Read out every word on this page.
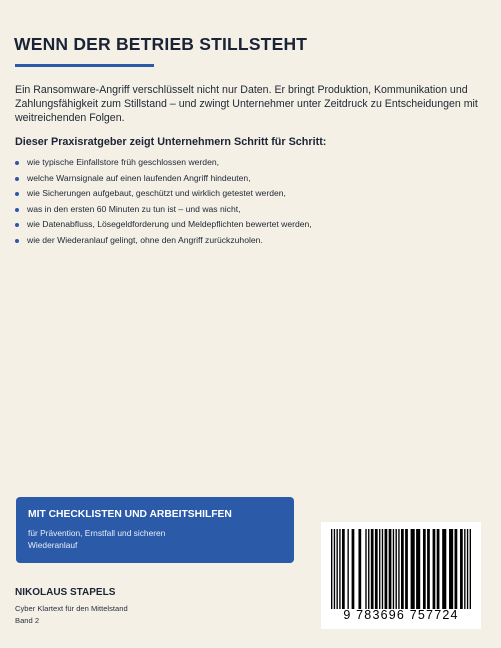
WENN DER BETRIEB STILLSTEHT

Ein Ransomware-Angriff verschlüsselt nicht nur Daten. Er bringt Produktion, Kommunikation und Zahlungsfähigkeit zum Stillstand – und zwingt Unternehmer unter Zeitdruck zu Entscheidungen mit weitreichenden Folgen.

Dieser Praxisratgeber zeigt Unternehmern Schritt für Schritt:

wie typische Einfallstore früh geschlossen werden,
welche Warnsignale auf einen laufenden Angriff hindeuten,
wie Sicherungen aufgebaut, geschützt und wirklich getestet werden,
was in den ersten 60 Minuten zu tun ist – und was nicht,
wie Datenabfluss, Lösegeldforderung und Meldepflichten bewertet werden,
wie der Wiederanlauf gelingt, ohne den Angriff zurückzuholen.

MIT CHECKLISTEN UND ARBEITSHILFEN

für Prävention, Ernstfall und sicheren Wiederanlauf

NIKOLAUS STAPELS

Cyber Klartext für den Mittelstand
Band 2	9 783696 757724
